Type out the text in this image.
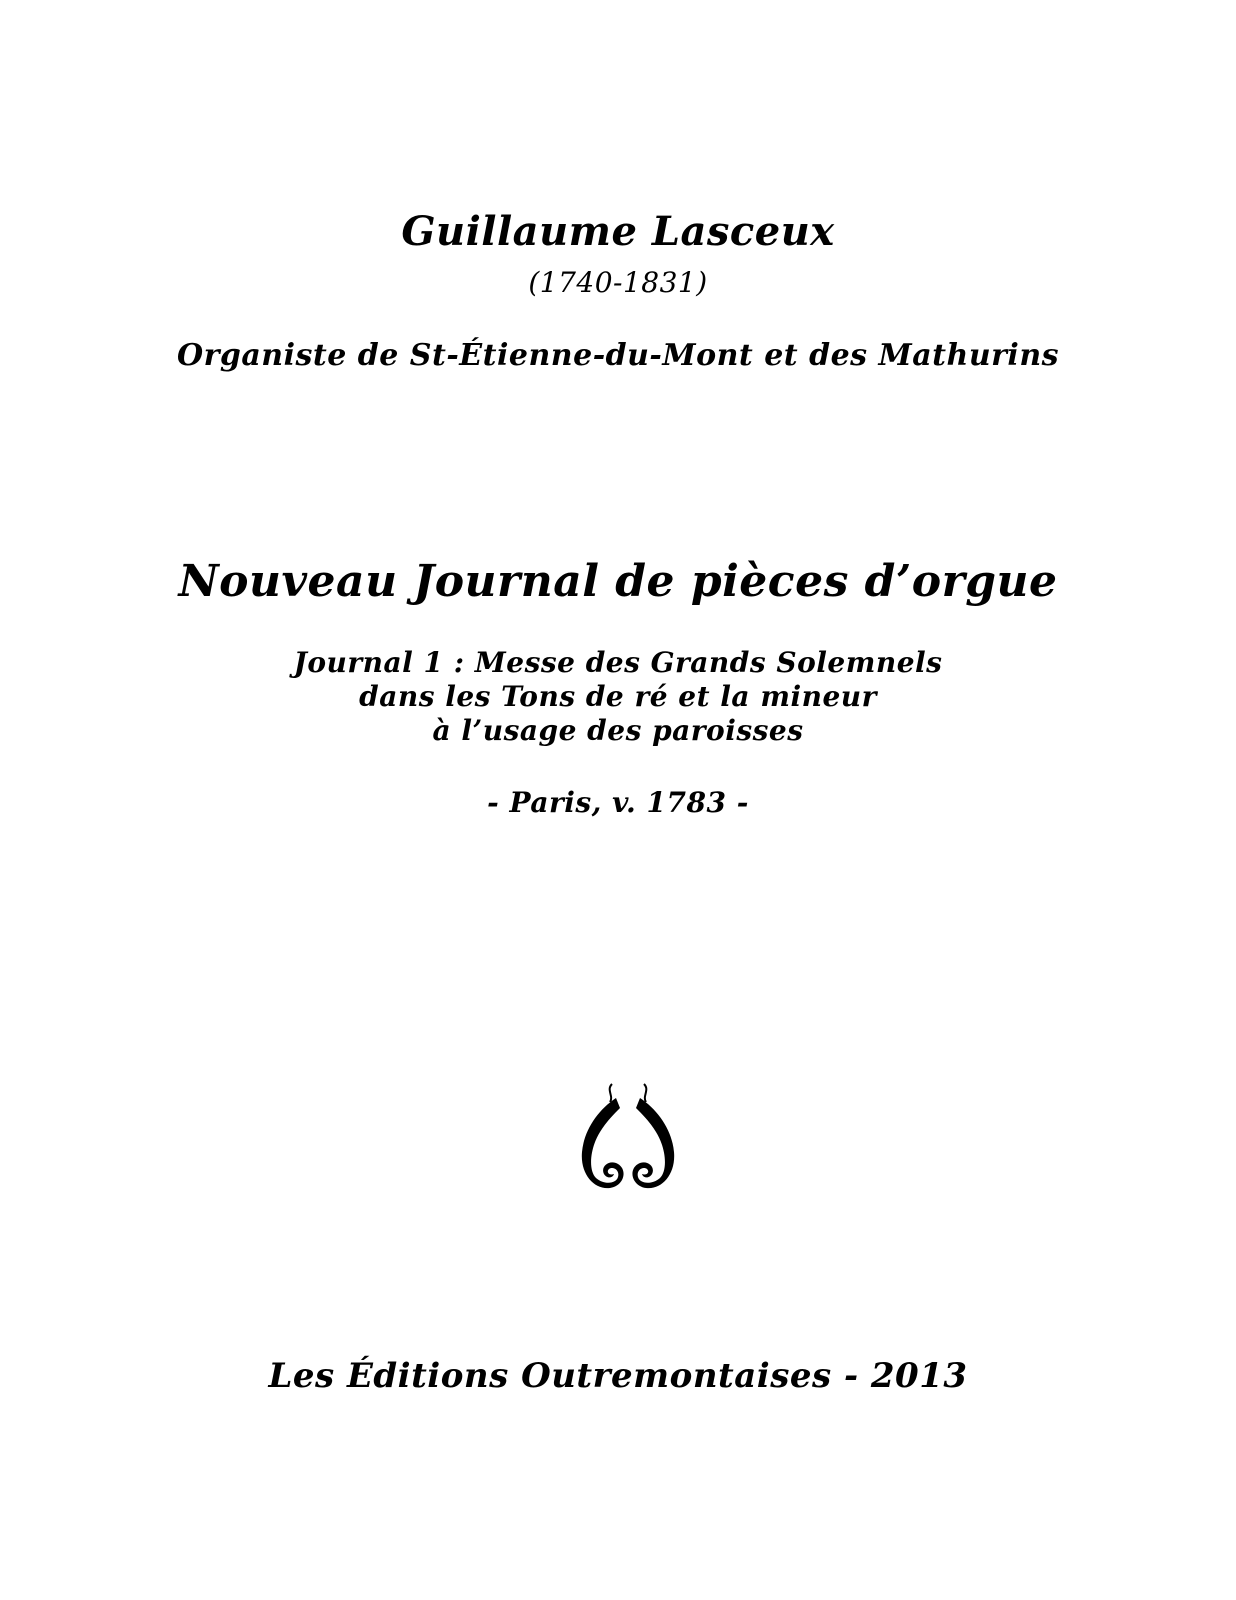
Guillaume Lasceux
(1740-1831)
Organiste de St-Étienne-du-Mont et des Mathurins
Nouveau Journal de pièces d’orgue
Journal 1 : Messe des Grands Solemnels
dans les Tons de ré et la mineur
à l’usage des paroisses
- Paris, v. 1783 -
Les Éditions Outremontaises - 2013
